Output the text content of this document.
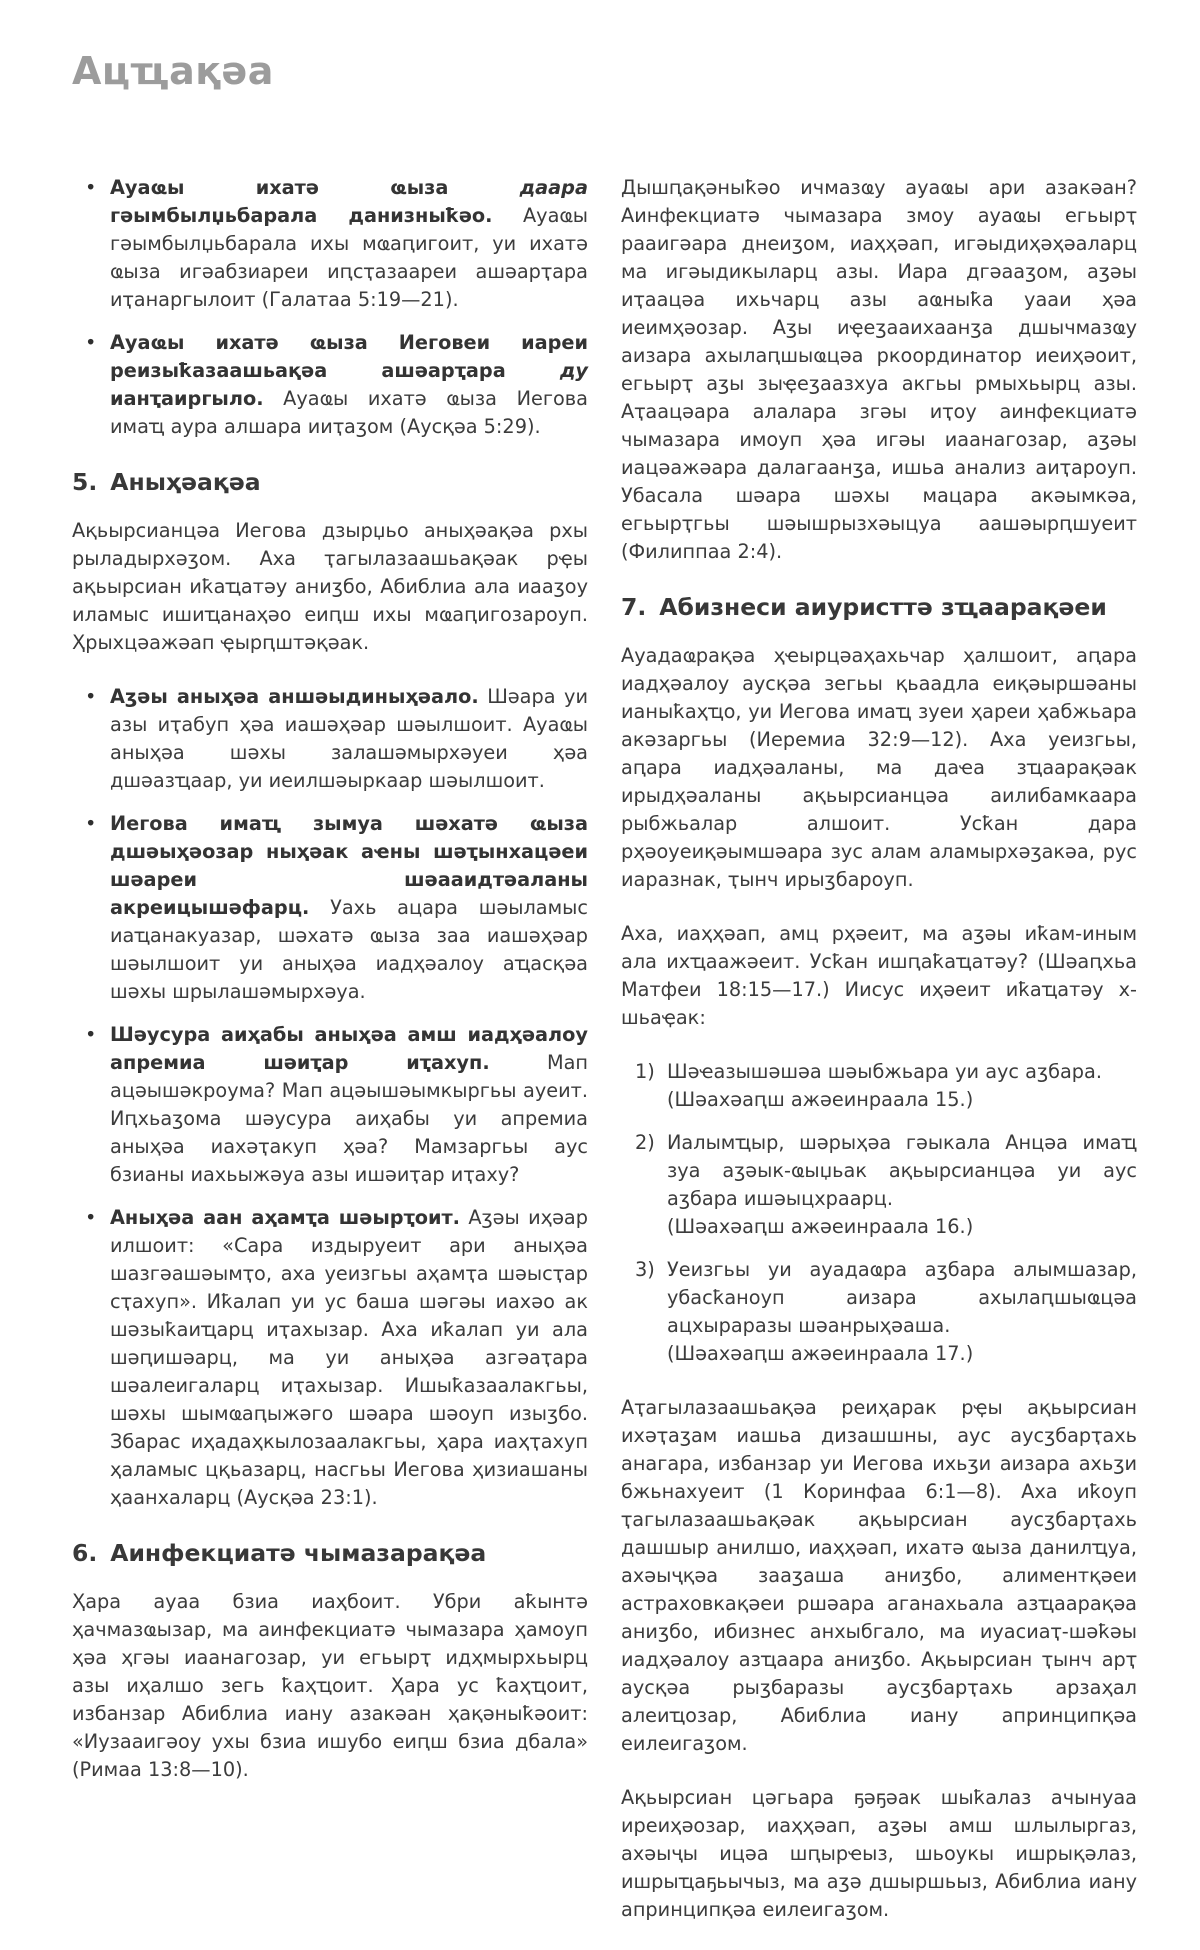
Ацҵақәа
• Ауаҩы ихатә ҩыза даара гәымбылџьбарала данизныҟәо. Ауаҩы гәымбылџьбарала ихы мҩаԥигоит, уи ихатә ҩыза игәабзиареи иԥсҭазаареи ашәарҭара иҭанаргылоит (Галатаа 5:19—21).
• Ауаҩы ихатә ҩыза Иеговеи иареи реизыҟазаашьақәа ашәарҭара ду ианҭаиргыло. Ауаҩы ихатә ҩыза Иегова имаҵ аура алшара ииҭаӡом (Аусқәа 5:29).
5. Аныҳәақәа

Ақьырсианцәа Иегова дзырџьо аныҳәақәа рхы рыладырхәӡом. Аха ҭагылазаашьақәак рҿы ақьырсиан иҟаҵатәу аниӡбо, Абиблиа ала иааӡоу иламыс ишиҵанаҳәо еиԥш ихы мҩаԥигозароуп. Ҳрыхцәажәап ҿырԥштәқәак.

• Аӡәы аныҳәа аншәыдиныҳәало. Шәара уи азы иҭабуп ҳәа иашәҳәар шәылшоит. Ауаҩы аныҳәа шәхы залашәмырхәуеи ҳәа дшәазҵаар, уи иеилшәыркаар шәылшоит.
• Иегова имаҵ зымуа шәхатә ҩыза дшәыҳәозар ныҳәак аҽны шәҭынхацәеи шәареи шәааидтәаланы акреицышәфарц. Уахь ацара шәыламыс иаҵанакуазар, шәхатә ҩыза заа иашәҳәар шәылшоит уи аныҳәа иадҳәалоу аҵасқәа шәхы шрылашәмырхәуа.
• Шәусура аиҳабы аныҳәа амш иадҳәалоу апремиа шәиҭар иҭахуп. Мап ацәышәкроума? Мап ацәышәымкыргьы ауеит. Иԥхьаӡома шәусура аиҳабы уи апремиа аныҳәа иахәҭакуп ҳәа? Мамзаргьы аус бзианы иахьыжәуа азы ишәиҭар иҭаху?
• Аныҳәа аан аҳамҭа шәырҭоит. Аӡәы иҳәар илшоит: «Сара издыруеит ари аныҳәа шазгәашәымҭо, аха уеизгьы аҳамҭа шәысҭар сҭахуп». Иҟалап уи ус баша шәгәы иахәо ак шәзыҟаиҵарц иҭахызар. Аха иҟалап уи ала шәԥишәарц, ма уи аныҳәа азгәаҭара шәалеигаларц иҭахызар. Ишыҟазаалакгьы, шәхы шымҩаԥыжәго шәара шәоуп изыӡбо. Збарас иҳадаҳкылозаалакгьы, ҳара иаҳҭахуп ҳаламыс цқьазарц, насгьы Иегова ҳизиашаны ҳаанхаларц (Аусқәа 23:1).
6. Аинфекциатә чымазарақәа

Ҳара ауаа бзиа иаҳбоит. Убри аҟынтә ҳачмазҩызар, ма аинфекциатә чымазара ҳамоуп ҳәа ҳгәы иаанагозар, уи егьырҭ идҳмырхьырц азы иҳалшо зегь ҟаҳҵоит. Ҳара ус ҟаҳҵоит, избанзар Абиблиа иану азакәан ҳақәныҟәоит: «Иузааигәоу ухы бзиа ишубо еиԥш бзиа дбала» (Римаа 13:8—10).

Дышԥақәныҟәо ичмазҩу ауаҩы ари азакәан? Аинфекциатә чымазара змоу ауаҩы егьырҭ рааигәара днеиӡом, иаҳҳәап, игәыдиҳәҳәаларц ма игәыдикыларц азы. Иара дгәааӡом, аӡәы иҭаацәа ихьчарц азы аҩныҟа уааи ҳәа иеимҳәозар. Аӡы иҿеӡааихаанӡа дшычмазҩу аизара ахылаԥшыҩцәа ркоординатор иеиҳәоит, егьырҭ аӡы зыҿеӡаазхуа акгьы рмыхьырц азы. Аҭаацәара алалара згәы иҭоу аинфекциатә чымазара имоуп ҳәа игәы иаанагозар, аӡәы иацәажәара далагаанӡа, ишьа анализ аиҭароуп. Убасала шәара шәхы мацара акәымкәа, егьырҭгьы шәышрызхәыцуа аашәырԥшуеит (Филиппаа 2:4).

7. Абизнеси аиуристтә зҵаарақәеи

Ауадаҩрақәа ҳҽырцәаҳахьчар ҳалшоит, аԥара иадҳәалоу аусқәа зегьы қьаадла еиқәыршәаны ианыҟаҳҵо, уи Иегова имаҵ зуеи ҳареи ҳабжьара акәзаргьы (Иеремиа 32:9—12). Аха уеизгьы, аԥара иадҳәаланы, ма даҽа зҵаарақәак ирыдҳәаланы ақьырсианцәа аилибамкаара рыбжьалар алшоит. Усҟан дара рҳәоуеиқәымшәара зус алам аламырхәӡакәа, рус иаразнак, ҭынч ирыӡбароуп.

Аха, иаҳҳәап, амц рҳәеит, ма аӡәы иҟам-иным ала ихҵаажәеит. Усҟан ишԥаҟаҵатәу? (Шәаԥхьа Матфеи 18:15—17.) Иисус иҳәеит иҟаҵатәу х-шьаҿак:

1) Шәҽазышәшәа шәыбжьара уи аус аӡбара.
(Шәахәаԥш ажәеинраала 15.)
2) Иалымҵыр, шәрыҳәа гәыкала Анцәа имаҵ зуа аӡәык-ҩыџьак ақьырсианцәа уи аус аӡбара ишәыцхраарц.
(Шәахәаԥш ажәеинраала 16.)
3) Уеизгьы уи ауадаҩра аӡбара алымшазар, убасҟаноуп аизара ахылаԥшыҩцәа ацхыраразы шәанрыҳәаша.
(Шәахәаԥш ажәеинраала 17.)

Аҭагылазаашьақәа реиҳарак рҿы ақьырсиан ихәҭаӡам иашьа дизашшны, аус аусӡбарҭахь анагара, избанзар уи Иегова ихьӡи аизара ахьӡи бжьнахуеит (1 Коринфаа 6:1—8). Аха иҟоуп ҭагылазаашьақәак ақьырсиан аусӡбарҭахь дашшыр анилшо, иаҳҳәап, ихатә ҩыза данилҵуа, ахәыҷқәа зааӡаша аниӡбо, алиментқәеи астраховкақәеи ршәара аганахьала азҵаарақәа аниӡбо, ибизнес анхыбгало, ма иуасиаҭ-шәҟәы иадҳәалоу азҵаара аниӡбо. Ақьырсиан ҭынч арҭ аусқәа рыӡбаразы аусӡбарҭахь арзаҳал алеиҵозар, Абиблиа иану апринципқәа еилеигаӡом.

Ақьырсиан цәгьара ҕәҕәак шыҟалаз ачынуаа иреиҳәозар, иаҳҳәап, аӡәы амш шлылыргаз, ахәыҷы ицәа шԥырҽыз, шьоукы ишрықәлаз, ишрыҵаҕьычыз, ма аӡә дшыршьыз, Абиблиа иану апринципқәа еилеигаӡом.
